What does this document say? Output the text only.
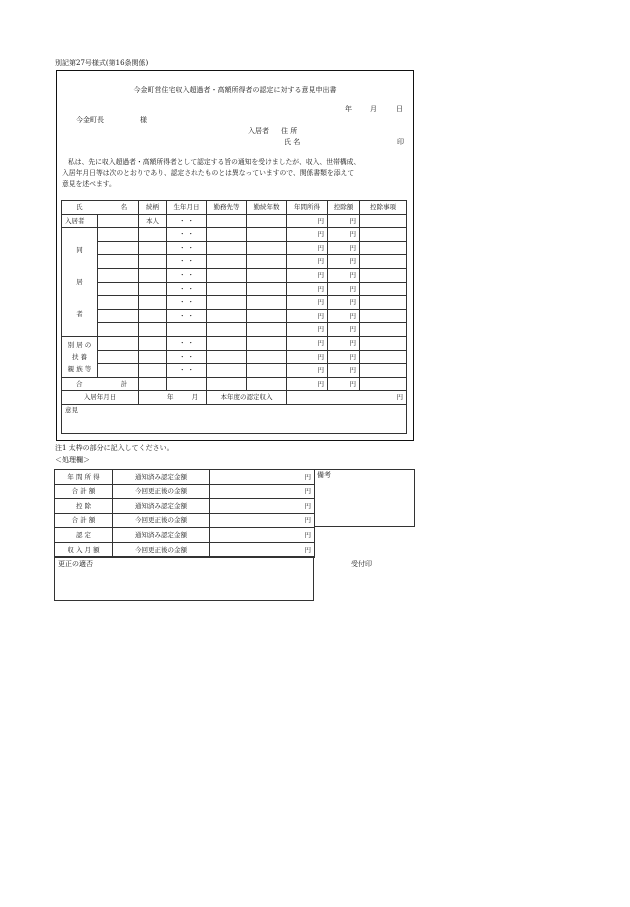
別記第27号様式(第16条関係)
今金町営住宅収入超過者・高額所得者の認定に対する意見申出書
年	月	日
今金町長	様
入居者 住 所
氏 名	印
私は、先に収入超過者・高額所得者として認定する旨の通知を受けましたが、収入、世帯構成、
入居年月日等は次のとおりであり、認定されたものとは異なっていますので、関係書類を添えて
意見を述べます。
氏 名		続柄	生年月日	勤務先等	勤続年数	年間所得	控除額	控除事項
入居者		本人	・ ・			円	円	

同
居
者			・ ・			円	円	
			・ ・			円	円	
			・ ・			円	円	
			・ ・			円	円	
			・ ・			円	円	
			・ ・			円	円	
			・ ・			円	円	
						円	円	

別 居 の
扶 養
親 族 等			・ ・			円	円	
			・ ・			円	円	
			・ ・			円	円	
合 計						円	円	
入居年月日		年 月		本年度の認定収入		円		
意見								
注1 太枠の部分に記入してください。
＜処理欄＞
年 間 所 得	通知済み認定金額	円
合 計 額	今回更正後の金額	円
控 除	通知済み認定金額	円
合 計 額	今回更正後の金額	円
認 定	通知済み認定金額	円
収 入 月 額	今回更正後の金額	円
備考
更正の適否	受付印
